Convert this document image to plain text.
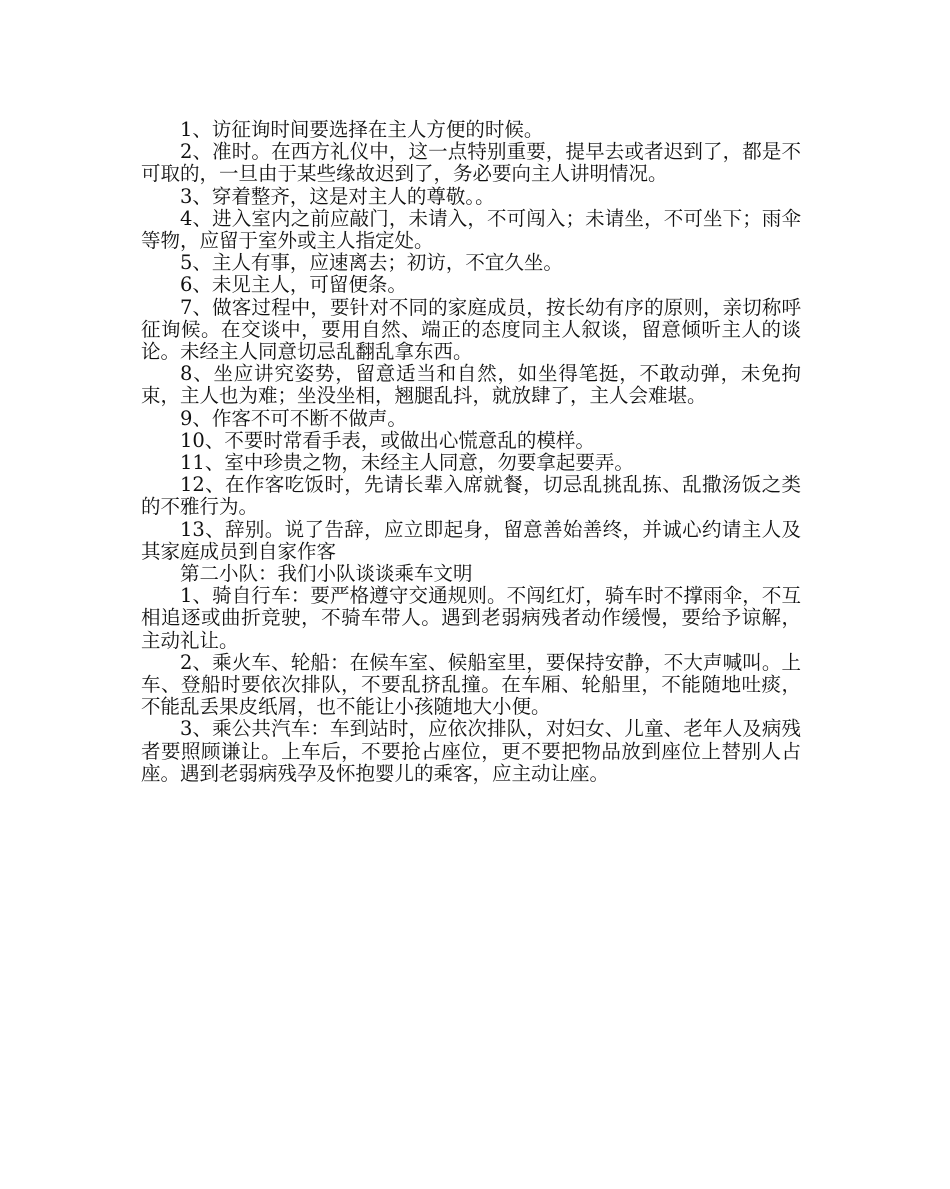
1、访征询时间要选择在主人方便的时候。

2、准时。在西方礼仪中，这一点特别重要，提早去或者迟到了，都是不可取的，一旦由于某些缘故迟到了，务必要向主人讲明情况。

3、穿着整齐，这是对主人的尊敬。。

4、进入室内之前应敲门，未请入，不可闯入；未请坐，不可坐下；雨伞等物，应留于室外或主人指定处。

5、主人有事，应速离去；初访，不宜久坐。

6、未见主人，可留便条。

7、做客过程中，要针对不同的家庭成员，按长幼有序的原则，亲切称呼征询候。在交谈中，要用自然、端正的态度同主人叙谈，留意倾听主人的谈论。未经主人同意切忌乱翻乱拿东西。

8、坐应讲究姿势，留意适当和自然，如坐得笔挺，不敢动弹，未免拘束，主人也为难；坐没坐相，翘腿乱抖，就放肆了，主人会难堪。

9、作客不可不断不做声。

10、不要时常看手表，或做出心慌意乱的模样。

11、室中珍贵之物，未经主人同意，勿要拿起要弄。

12、在作客吃饭时，先请长辈入席就餐，切忌乱挑乱拣、乱撒汤饭之类的不雅行为。

13、辞别。说了告辞，应立即起身，留意善始善终，并诚心约请主人及其家庭成员到自家作客

第二小队：我们小队谈谈乘车文明

1、骑自行车：要严格遵守交通规则。不闯红灯，骑车时不撑雨伞，不互相追逐或曲折竞驶，不骑车带人。遇到老弱病残者动作缓慢，要给予谅解，主动礼让。

2、乘火车、轮船：在候车室、候船室里，要保持安静，不大声喊叫。上车、登船时要依次排队，不要乱挤乱撞。在车厢、轮船里，不能随地吐痰，不能乱丢果皮纸屑，也不能让小孩随地大小便。

3、乘公共汽车：车到站时，应依次排队，对妇女、儿童、老年人及病残者要照顾谦让。上车后，不要抢占座位，更不要把物品放到座位上替别人占座。遇到老弱病残孕及怀抱婴儿的乘客，应主动让座。
